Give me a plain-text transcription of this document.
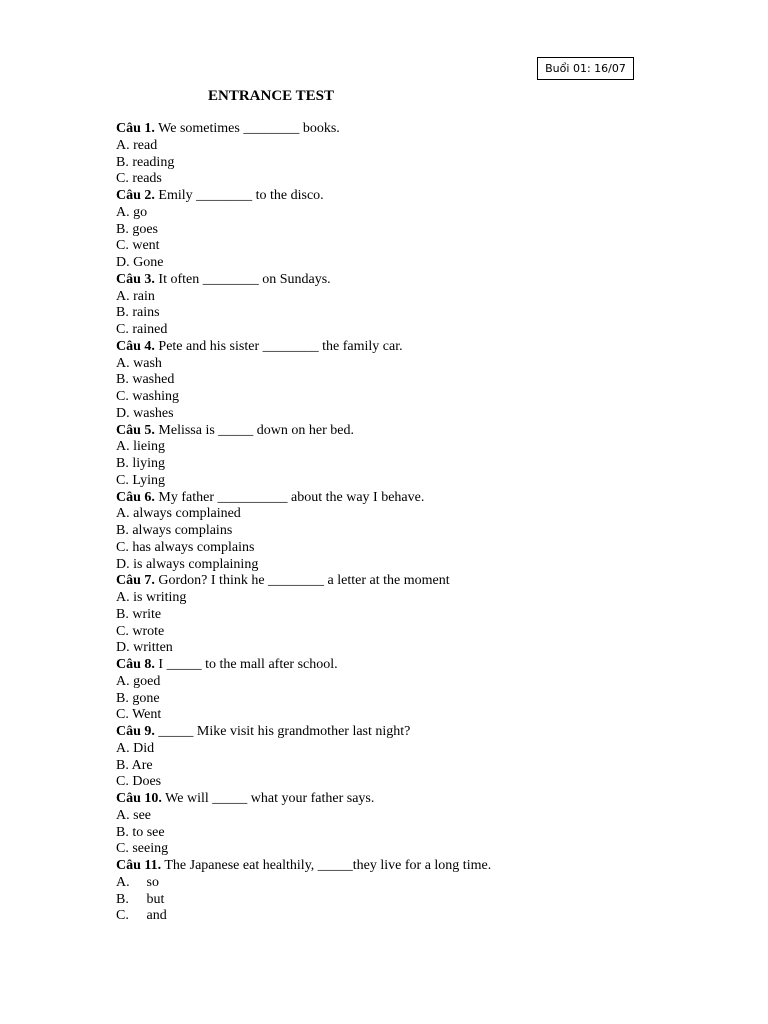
Buổi 01: 16/07
ENTRANCE TEST
Câu 1. We sometimes ________ books.
A. read
B. reading
C. reads
Câu 2. Emily ________ to the disco.
A. go
B. goes
C. went
D. Gone
Câu 3. It often ________ on Sundays.
A. rain
B. rains
C. rained
Câu 4. Pete and his sister ________ the family car.
A. wash
B. washed
C. washing
D. washes
Câu 5. Melissa is _____ down on her bed.
A. lieing
B. liying
C. Lying
Câu 6. My father __________ about the way I behave.
A. always complained
B. always complains
C. has always complains
D. is always complaining
Câu 7. Gordon? I think he ________ a letter at the moment
A. is writing
B. write
C. wrote
D. written
Câu 8. I _____ to the mall after school.
A. goed
B. gone
C. Went
Câu 9. _____ Mike visit his grandmother last night?
A. Did
B. Are
C. Does
Câu 10. We will _____ what your father says.
A. see
B. to see
C. seeing
Câu 11. The Japanese eat healthily, _____they live for a long time.
A. so
B. but
C. and
